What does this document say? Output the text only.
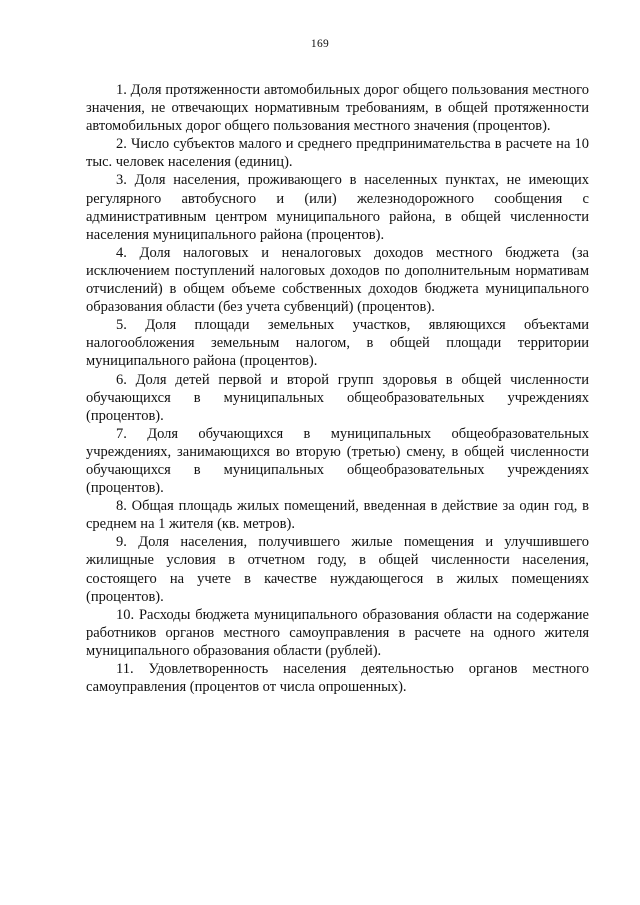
169

1. Доля протяженности автомобильных дорог общего пользования местного значения, не отвечающих нормативным требованиям, в общей протяженности автомобильных дорог общего пользования местного значения (процентов).

2. Число субъектов малого и среднего предпринимательства в расчете на 10 тыс. человек населения (единиц).

3. Доля населения, проживающего в населенных пунктах, не имеющих регулярного автобусного и (или) железнодорожного сообщения с административным центром муниципального района, в общей численности населения муниципального района (процентов).

4. Доля налоговых и неналоговых доходов местного бюджета (за исключением поступлений налоговых доходов по дополнительным нормативам отчислений) в общем объеме собственных доходов бюджета муниципального образования области (без учета субвенций) (процентов).

5. Доля площади земельных участков, являющихся объектами налогообложения земельным налогом, в общей площади территории муниципального района (процентов).

6. Доля детей первой и второй групп здоровья в общей численности обучающихся в муниципальных общеобразовательных учреждениях (процентов).

7. Доля обучающихся в муниципальных общеобразовательных учреждениях, занимающихся во вторую (третью) смену, в общей численности обучающихся в муниципальных общеобразовательных учреждениях (процентов).

8. Общая площадь жилых помещений, введенная в действие за один год, в среднем на 1 жителя (кв. метров).

9. Доля населения, получившего жилые помещения и улучшившего жилищные условия в отчетном году, в общей численности населения, состоящего на учете в качестве нуждающегося в жилых помещениях (процентов).

10. Расходы бюджета муниципального образования области на содержание работников органов местного самоуправления в расчете на одного жителя муниципального образования области (рублей).

11. Удовлетворенность населения деятельностью органов местного самоуправления (процентов от числа опрошенных).
